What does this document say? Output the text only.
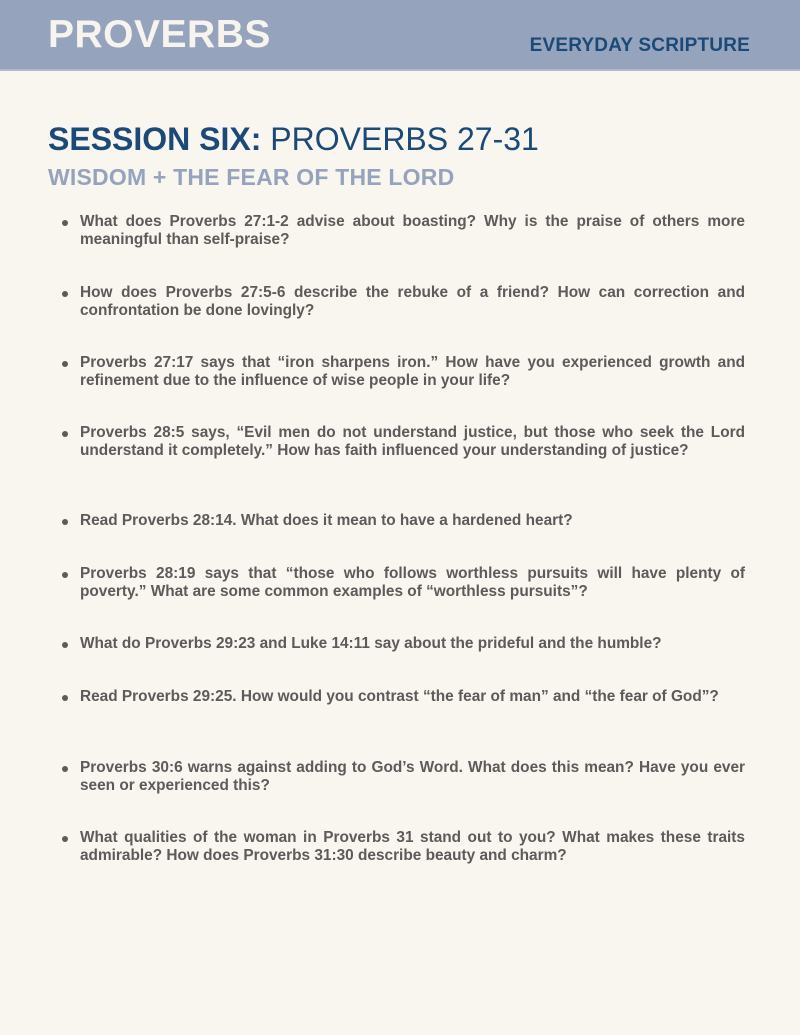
PROVERBS	EVERYDAY SCRIPTURE
SESSION SIX: PROVERBS 27-31
WISDOM + THE FEAR OF THE LORD
What does Proverbs 27:1-2 advise about boasting? Why is the praise of others more meaningful than self-praise?
How does Proverbs 27:5-6 describe the rebuke of a friend? How can correction and confrontation be done lovingly?
Proverbs 27:17 says that “iron sharpens iron.” How have you experienced growth and refinement due to the influence of wise people in your life?
Proverbs 28:5 says, “Evil men do not understand justice, but those who seek the Lord understand it completely.” How has faith influenced your understanding of justice?
Read Proverbs 28:14. What does it mean to have a hardened heart?
Proverbs 28:19 says that “those who follows worthless pursuits will have plenty of poverty.” What are some common examples of “worthless pursuits”?
What do Proverbs 29:23 and Luke 14:11 say about the prideful and the humble?
Read Proverbs 29:25. How would you contrast “the fear of man” and “the fear of God”?
Proverbs 30:6 warns against adding to God’s Word. What does this mean? Have you ever seen or experienced this?
What qualities of the woman in Proverbs 31 stand out to you? What makes these traits admirable? How does Proverbs 31:30 describe beauty and charm?
